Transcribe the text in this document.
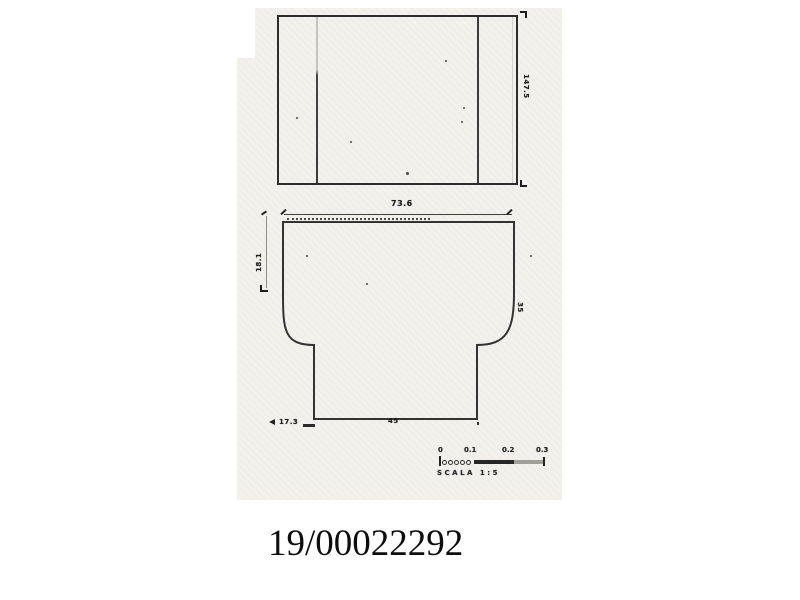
147.5
73.6
18.1
35
17.3	45
0	0.1	0.2	0.3
SCALA 1:5
19/00022292
